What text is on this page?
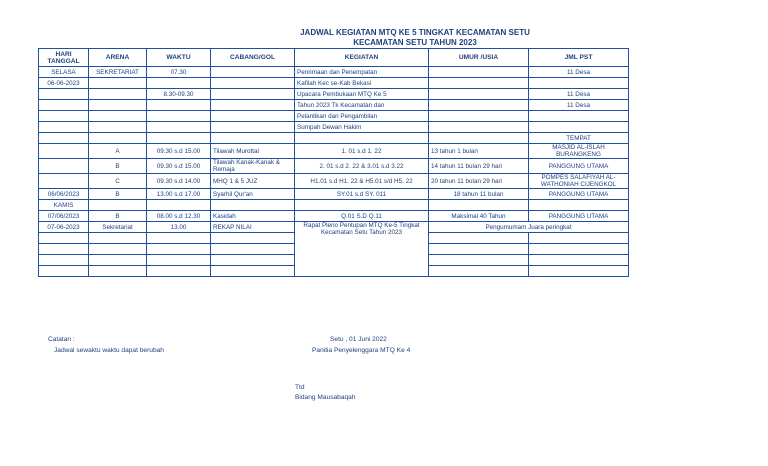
JADWAL KEGIATAN MTQ KE 5 TINGKAT KECAMATAN SETU
KECAMATAN SETU TAHUN 2023
HARI TANGGAL	ARENA	WAKTU	CABANG/GOL	KEGIATAN	UMUR /USIA	JML PST
SELASA	SEKRETARIAT	07.30		Penrimaan dan Penempatan		11 Desa
06-06-2023				Kafilah Kec se-Kab Bekasi		
		8.30-09.30		Upacara Pembukaan MTQ Ke 5		11 Desa
				Tahun 2023 Tk Kecamatan dan		11 Desa
				Pelantikan dan Pengambilan		
				Sumpah Dewan Hakim		
						TEMPAT
	A	09.30 s.d 15.00	Tilawah Murottal	1. 01 s.d 1. 22	13 tahun 1 bulan	MASJID AL-ISLAH BURANGKENG
	B	09.30 s.d 15.00	Tilawah Kanak-Kanak & Remaja	2. 01 s.d 2. 22 & 3.01 s.d 3.22	14 tahun 11 bulan 29 hari	PANGGUNG UTAMA
	C	09.30 s.d 14.00	MHQ 1 & 5 JUZ	H1.01 s.d H1. 22 & H5.01 s/d H5. 22	20 tahun 11 bulan 29 hari	POMPES SALAFIYAH AL-WATHONIAH CIJENGKOL
06/06/2023	B	13.00 s.d 17.00	Syarhil Qur'an	SY.01 s.d SY. 011	18 tahun 11 bulan	PANGGUNG UTAMA
KAMIS						
07/06/2023	B	08.00 s.d 12.30	Kasidah	Q.01 S.D Q.11	Maksimal 40 Tahun	PANGGUNG UTAMA
07-06-2023	Sekretariat	13.00	REKAP NILAI	Rapat Pleno Pentupan MTQ Ke-5 Tingkat Kecamatan Setu Tahun 2023	Pengumumam Juara peringkat	

Catatan :
Jadwal sewaktu waktu dapat berubah
Setu , 01 Juni 2022
Panitia Penyelenggara MTQ Ke 4
Ttd
Bidang Mausabaqah
